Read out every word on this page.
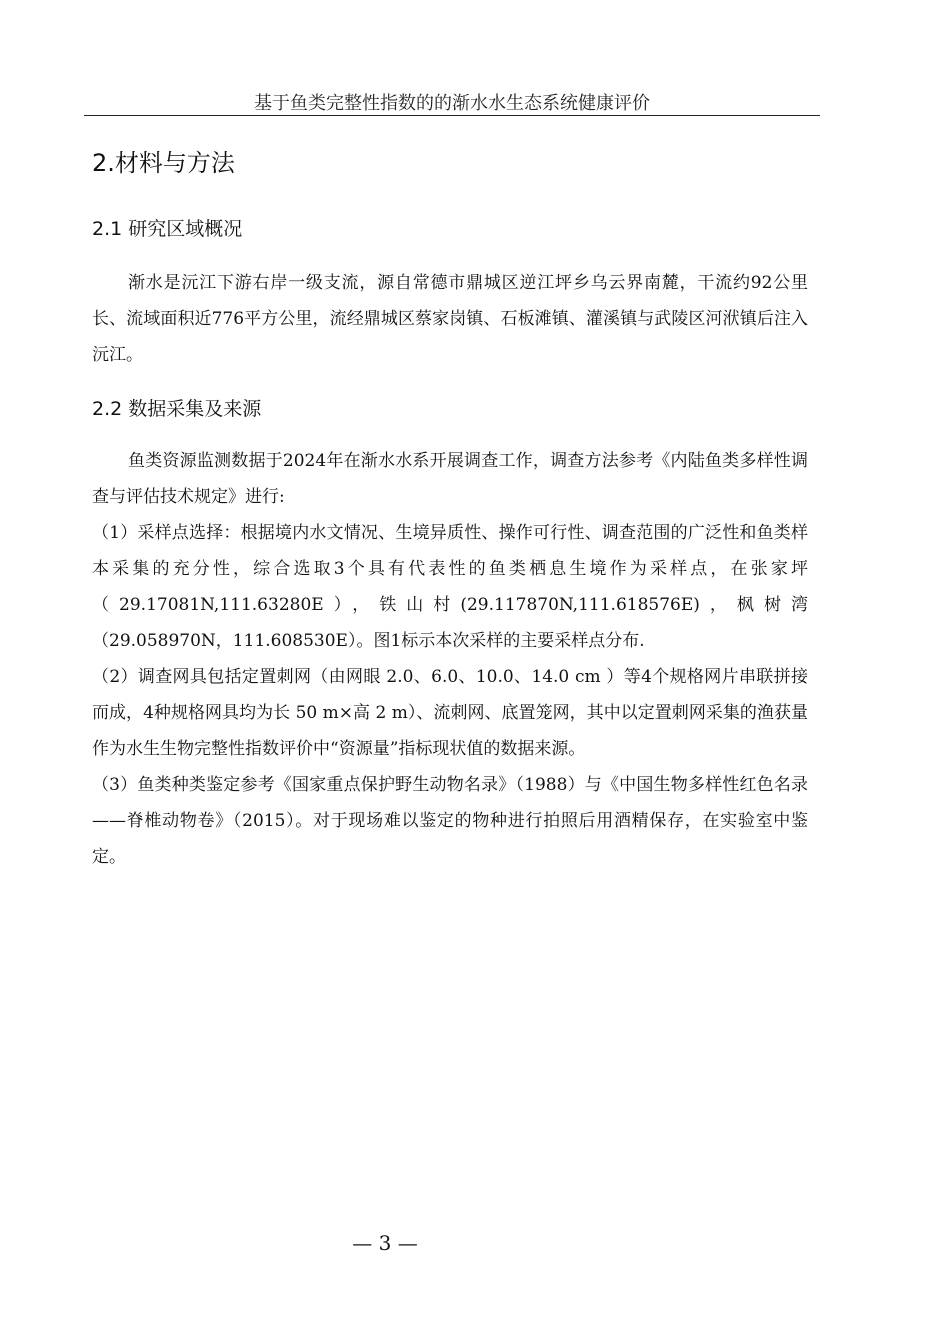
基于鱼类完整性指数的的渐水水生态系统健康评价
2.材料与方法
2.1 研究区域概况

渐水是沅江下游右岸一级支流，源自常德市鼎城区逆江坪乡乌云界南麓，干流约92公里长、流域面积近776平方公里，流经鼎城区蔡家岗镇、石板滩镇、灌溪镇与武陵区河洑镇后注入沅江。

2.2 数据采集及来源

鱼类资源监测数据于2024年在渐水水系开展调查工作，调查方法参考《内陆鱼类多样性调查与评估技术规定》进行:

（1）采样点选择：根据境内水文情况、生境异质性、操作可行性、调查范围的广泛性和鱼类样本采集的充分性，综合选取3个具有代表性的鱼类栖息生境作为采样点，在张家坪（29.17081N,111.63280E），铁山村(29.117870N,111.618576E)，枫树湾（29.058970N，111.608530E）。图1标示本次采样的主要采样点分布.
（2）调查网具包括定置刺网（由网眼 2.0、6.0、10.0、14.0 cm ）等4个规格网片串联拼接而成，4种规格网具均为长 50 m×高 2 m）、流刺网、底置笼网，其中以定置刺网采集的渔获量作为水生生物完整性指数评价中“资源量”指标现状值的数据来源。
（3）鱼类种类鉴定参考《国家重点保护野生动物名录》（1988）与《中国生物多样性红色名录——脊椎动物卷》（2015）。对于现场难以鉴定的物种进行拍照后用酒精保存，在实验室中鉴定。
— 3 —
